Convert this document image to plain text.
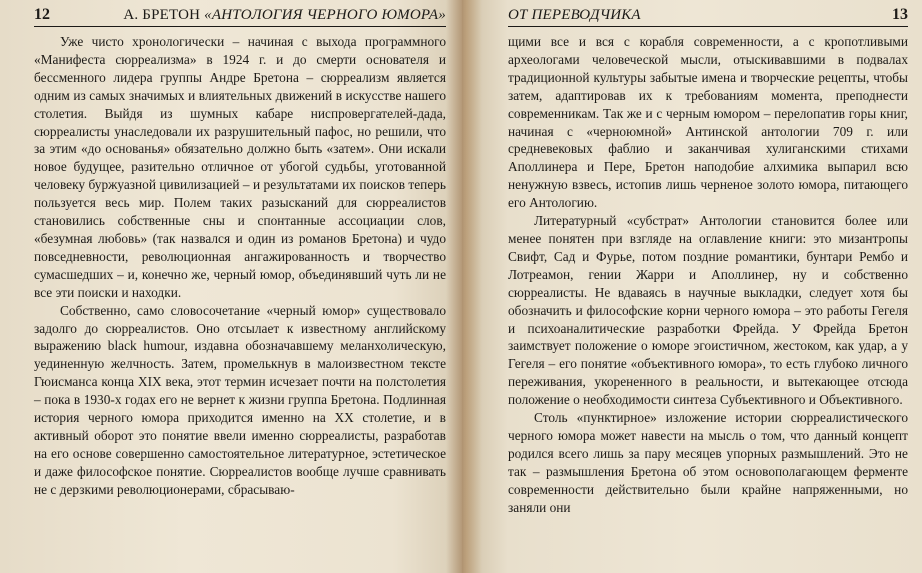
12	А. БРЕТОН «АНТОЛОГИЯ ЧЕРНОГО ЮМОРА»

Уже чисто хронологически – начиная с выхода программного «Манифеста сюрреализма» в 1924 г. и до смерти основателя и бессменного лидера группы Андре Бретона – сюрреализм является одним из самых значимых и влиятельных движений в искусстве нашего столетия. Выйдя из шумных кабаре ниспровергателей-дада, сюрреалисты унаследовали их разрушительный пафос, но решили, что за этим «до основанья» обязательно должно быть «затем». Они искали новое будущее, разительно отличное от убогой судьбы, уготованной человеку буржуазной цивилизацией – и результатами их поисков теперь пользуется весь мир. Полем таких разысканий для сюрреалистов становились собственные сны и спонтанные ассоциации слов, «безумная любовь» (так назвался и один из романов Бретона) и чудо повседневности, революционная ангажированность и творчество сумасшедших – и, конечно же, черный юмор, объединявший чуть ли не все эти поиски и находки.

Собственно, само словосочетание «черный юмор» существовало задолго до сюрреалистов. Оно отсылает к известному английскому выражению black humour, издавна обозначавшему меланхолическую, уединенную желчность. Затем, промелькнув в малоизвестном тексте Гюисманса конца XIX века, этот термин исчезает почти на полстолетия – пока в 1930-х годах его не вернет к жизни группа Бретона. Подлинная история черного юмора приходится именно на XX столетие, и в активный оборот это понятие ввели именно сюрреалисты, разработав на его основе совершенно самостоятельное литературное, эстетическое и даже философское понятие. Сюрреалистов вообще лучше сравнивать не с дерзкими революционерами, сбрасываю-

ОТ ПЕРЕВОДЧИКА	13

щими все и вся с корабля современности, а с кропотливыми археологами человеческой мысли, отыскивавшими в подвалах традиционной культуры забытые имена и творческие рецепты, чтобы затем, адаптировав их к требованиям момента, преподнести современникам. Так же и с черным юмором – перелопатив горы книг, начиная с «черноюмной» Антинской антологии 709 г. или средневековых фаблио и заканчивая хулиганскими стихами Аполлинера и Пере, Бретон наподобие алхимика выпарил всю ненужную взвесь, истопив лишь черненое золото юмора, питающего его Антологию.

Литературный «субстрат» Антологии становится более или менее понятен при взгляде на оглавление книги: это мизантропы Свифт, Сад и Фурье, потом поздние романтики, бунтари Рембо и Лотреамон, гении Жарри и Аполлинер, ну и собственно сюрреалисты. Не вдаваясь в научные выкладки, следует хотя бы обозначить и философские корни черного юмора – это работы Гегеля и психоаналитические разработки Фрейда. У Фрейда Бретон заимствует положение о юморе эгоистичном, жестоком, как удар, а у Гегеля – его понятие «объективного юмора», то есть глубоко личного переживания, укорененного в реальности, и вытекающее отсюда положение о необходимости синтеза Субъективного и Объективного.

Столь «пунктирное» изложение истории сюрреалистического черного юмора может навести на мысль о том, что данный концепт родился всего лишь за пару месяцев упорных размышлений. Это не так – размышления Бретона об этом основополагающем ферменте современности действительно были крайне напряженными, но заняли они
